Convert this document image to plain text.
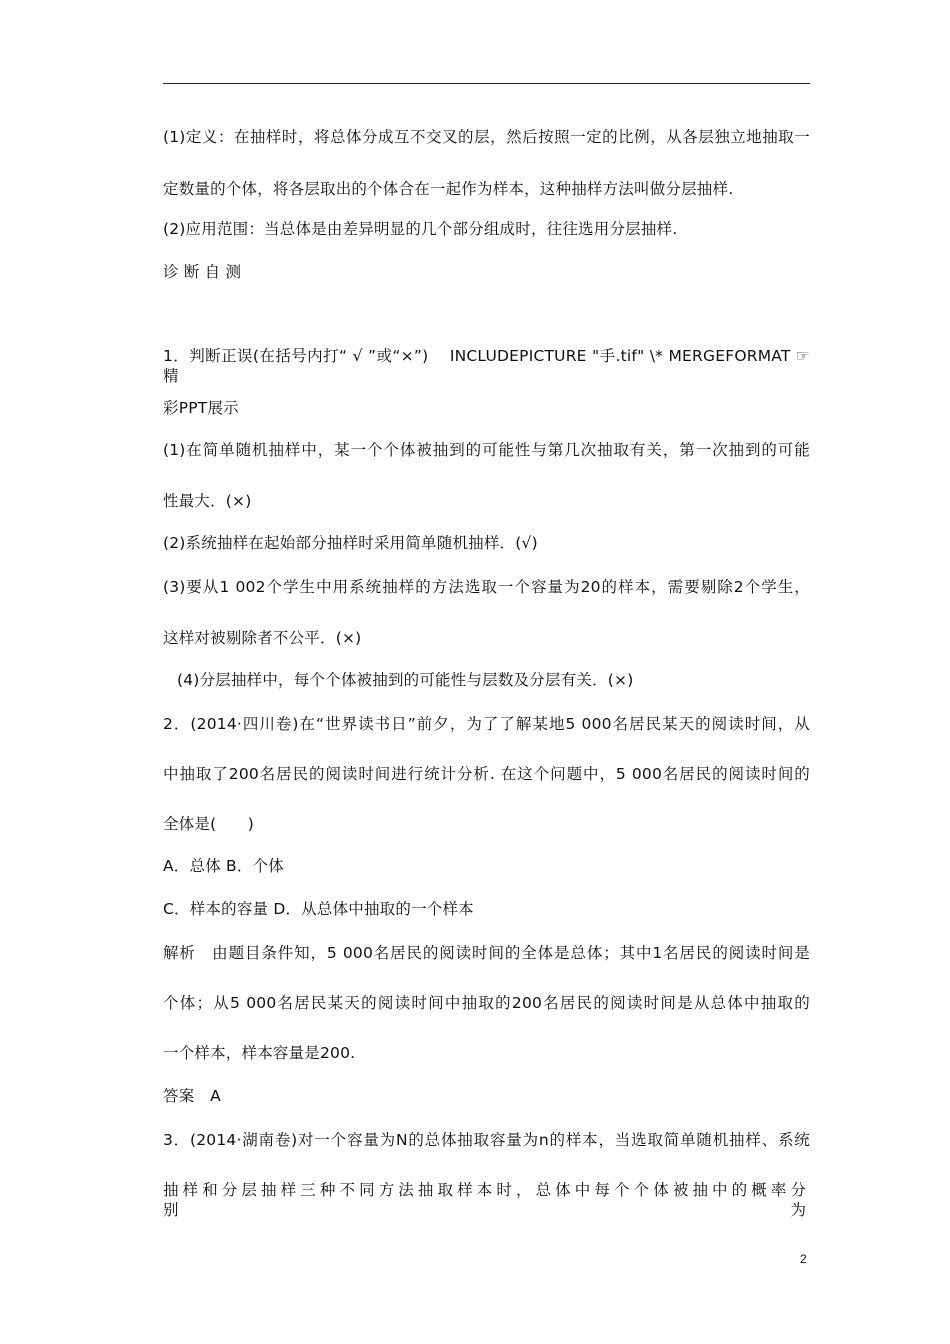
(1)定义：在抽样时，将总体分成互不交叉的层，然后按照一定的比例，从各层独立地抽取一
定数量的个体，将各层取出的个体合在一起作为样本，这种抽样方法叫做分层抽样.
(2)应用范围：当总体是由差异明显的几个部分组成时，往往选用分层抽样.
诊 断 自 测
1．判断正误(在括号内打“ √ ”或“×”)　 INCLUDEPICTURE "手.tif" \* MERGEFORMAT ☞精
彩PPT展示
(1)在简单随机抽样中，某一个个体被抽到的可能性与第几次抽取有关，第一次抽到的可能
性最大．(×)
(2)系统抽样在起始部分抽样时采用简单随机抽样．(√)
(3)要从1 002个学生中用系统抽样的方法选取一个容量为20的样本，需要剔除2个学生，
这样对被剔除者不公平．(×)
(4)分层抽样中，每个个体被抽到的可能性与层数及分层有关．(×)
2．(2014·四川卷)在“世界读书日”前夕，为了了解某地5 000名居民某天的阅读时间，从
中抽取了200名居民的阅读时间进行统计分析. 在这个问题中，5 000名居民的阅读时间的
全体是(　　)
A．总体 B．个体
C．样本的容量 D．从总体中抽取的一个样本
解析　由题目条件知，5 000名居民的阅读时间的全体是总体；其中1名居民的阅读时间是
个体；从5 000名居民某天的阅读时间中抽取的200名居民的阅读时间是从总体中抽取的
一个样本，样本容量是200.
答案　A
3．(2014·湖南卷)对一个容量为N的总体抽取容量为n的样本，当选取简单随机抽样、系统
抽样和分层抽样三种不同方法抽取样本时，总体中每个个体被抽中的概率分别为
2
